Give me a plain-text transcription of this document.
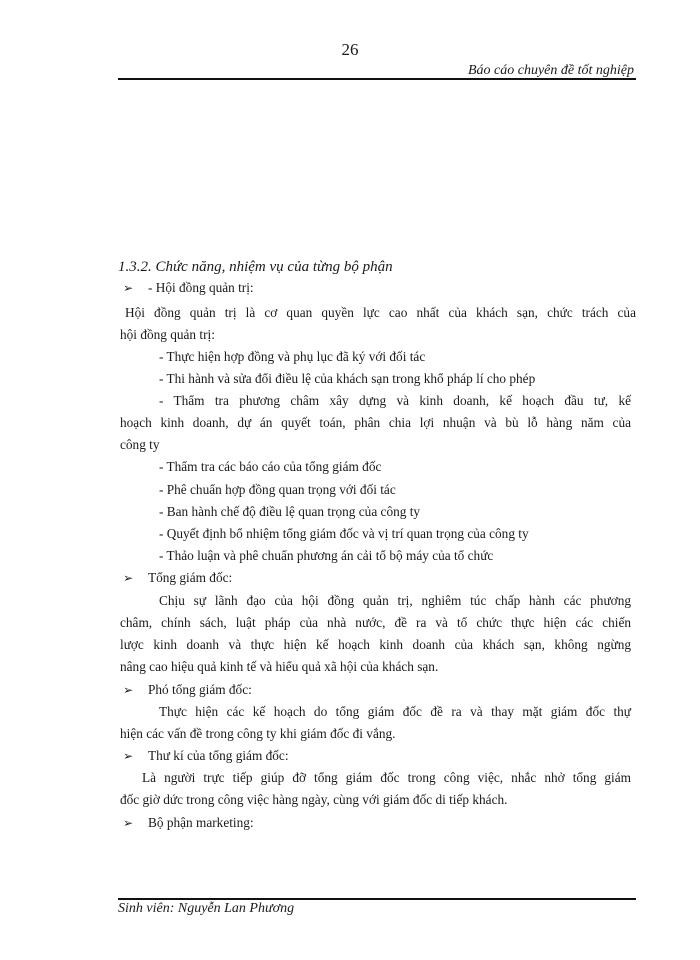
26
Báo cáo chuyên đề tốt nghiệp
1.3.2. Chức năng, nhiệm vụ của từng bộ phận
➢ - Hội đồng quản trị:
Hội đồng quản trị là cơ quan quyền lực cao nhất của khách sạn, chức trách của
hội đồng quản trị:
- Thực hiện hợp đồng và phụ lục đã ký với đối tác
- Thi hành và sửa đổi điều lệ của khách sạn trong khổ pháp lí cho phép
- Thẩm tra phương châm xây dựng và kinh doanh, kế hoạch đầu tư, kế
hoạch kinh doanh, dự án quyết toán, phân chia lợi nhuận và bù lỗ hàng năm của
công ty
- Thẩm tra các báo cáo của tổng giám đốc
- Phê chuẩn hợp đồng quan trọng với đối tác
- Ban hành chế độ điều lệ quan trọng của công ty
- Quyết định bổ nhiệm tổng giám đốc và vị trí quan trọng của công ty
- Thảo luận và phê chuẩn phương án cải tổ bộ máy của tổ chức
➢ Tổng giám đốc:
Chịu sự lãnh đạo của hội đồng quản trị, nghiêm túc chấp hành các phương
châm, chính sách, luật pháp của nhà nước, đề ra và tổ chức thực hiện các chiến
lược kinh doanh và thực hiện kế hoạch kinh doanh của khách sạn, không ngừng
nâng cao hiệu quả kinh tế và hiểu quả xã hội của khách sạn.
➢ Phó tổng giám đốc:
Thực hiện các kế hoạch do tổng giám đốc đề ra và thay mặt giám đốc thự
hiện các vấn đề trong công ty khi giám đốc đi vắng.
➢ Thư kí của tổng giám đốc:
Là người trực tiếp giúp đỡ tổng giám đốc trong công việc, nhắc nhở tổng giám
đốc giờ dức trong công việc hàng ngày, cùng với giám đốc di tiếp khách.
➢ Bộ phận marketing:
Sinh viên: Nguyễn Lan Phương
